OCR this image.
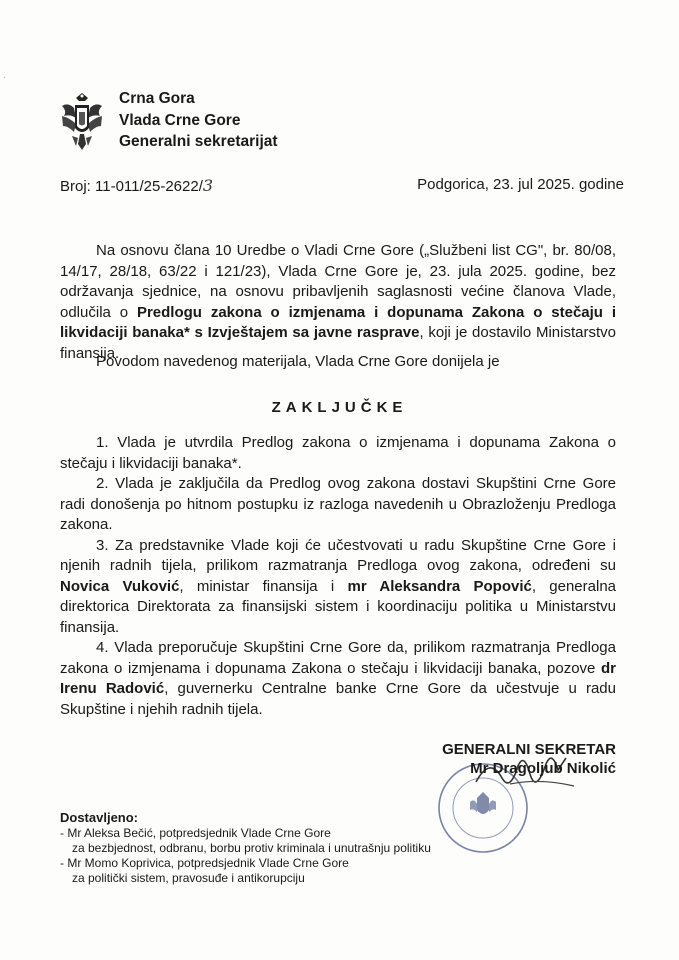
·
Crna Gora
Vlada Crne Gore
Generalni sekretarijat
Broj: 11-011/25-2622/3	Podgorica, 23. jul 2025. godine
Na osnovu člana 10 Uredbe o Vladi Crne Gore („Službeni list CG", br. 80/08, 14/17, 28/18, 63/22 i 121/23), Vlada Crne Gore je, 23. jula 2025. godine, bez održavanja sjednice, na osnovu pribavljenih saglasnosti većine članova Vlade, odlučila o Predlogu zakona o izmjenama i dopunama Zakona o stečaju i likvidaciji banaka* s Izvještajem sa javne rasprave, koji je dostavilo Ministarstvo finansija.
Povodom navedenog materijala, Vlada Crne Gore donijela je
ZAKLJUČKE

1. Vlada je utvrdila Predlog zakona o izmjenama i dopunama Zakona o stečaju i likvidaciji banaka*.

2. Vlada je zaključila da Predlog ovog zakona dostavi Skupštini Crne Gore radi donošenja po hitnom postupku iz razloga navedenih u Obrazloženju Predloga zakona.

3. Za predstavnike Vlade koji će učestvovati u radu Skupštine Crne Gore i njenih radnih tijela, prilikom razmatranja Predloga ovog zakona, određeni su Novica Vuković, ministar finansija i mr Aleksandra Popović, generalna direktorica Direktorata za finansijski sistem i koordinaciju politika u Ministarstvu finansija.

4. Vlada preporučuje Skupštini Crne Gore da, prilikom razmatranja Predloga zakona o izmjenama i dopunama Zakona o stečaju i likvidaciji banaka, pozove dr Irenu Radović, guvernerku Centralne banke Crne Gore da učestvuje u radu Skupštine i njehih radnih tijela.

GENERALNI SEKRETAR
Mr Dragoljub Nikolić
Dostavljeno:
- Mr Aleksa Bečić, potpredsjednik Vlade Crne Gore
za bezbjednost, odbranu, borbu protiv kriminala i unutrašnju politiku
- Mr Momo Koprivica, potpredsjednik Vlade Crne Gore
za politički sistem, pravosuđe i antikorupciju
